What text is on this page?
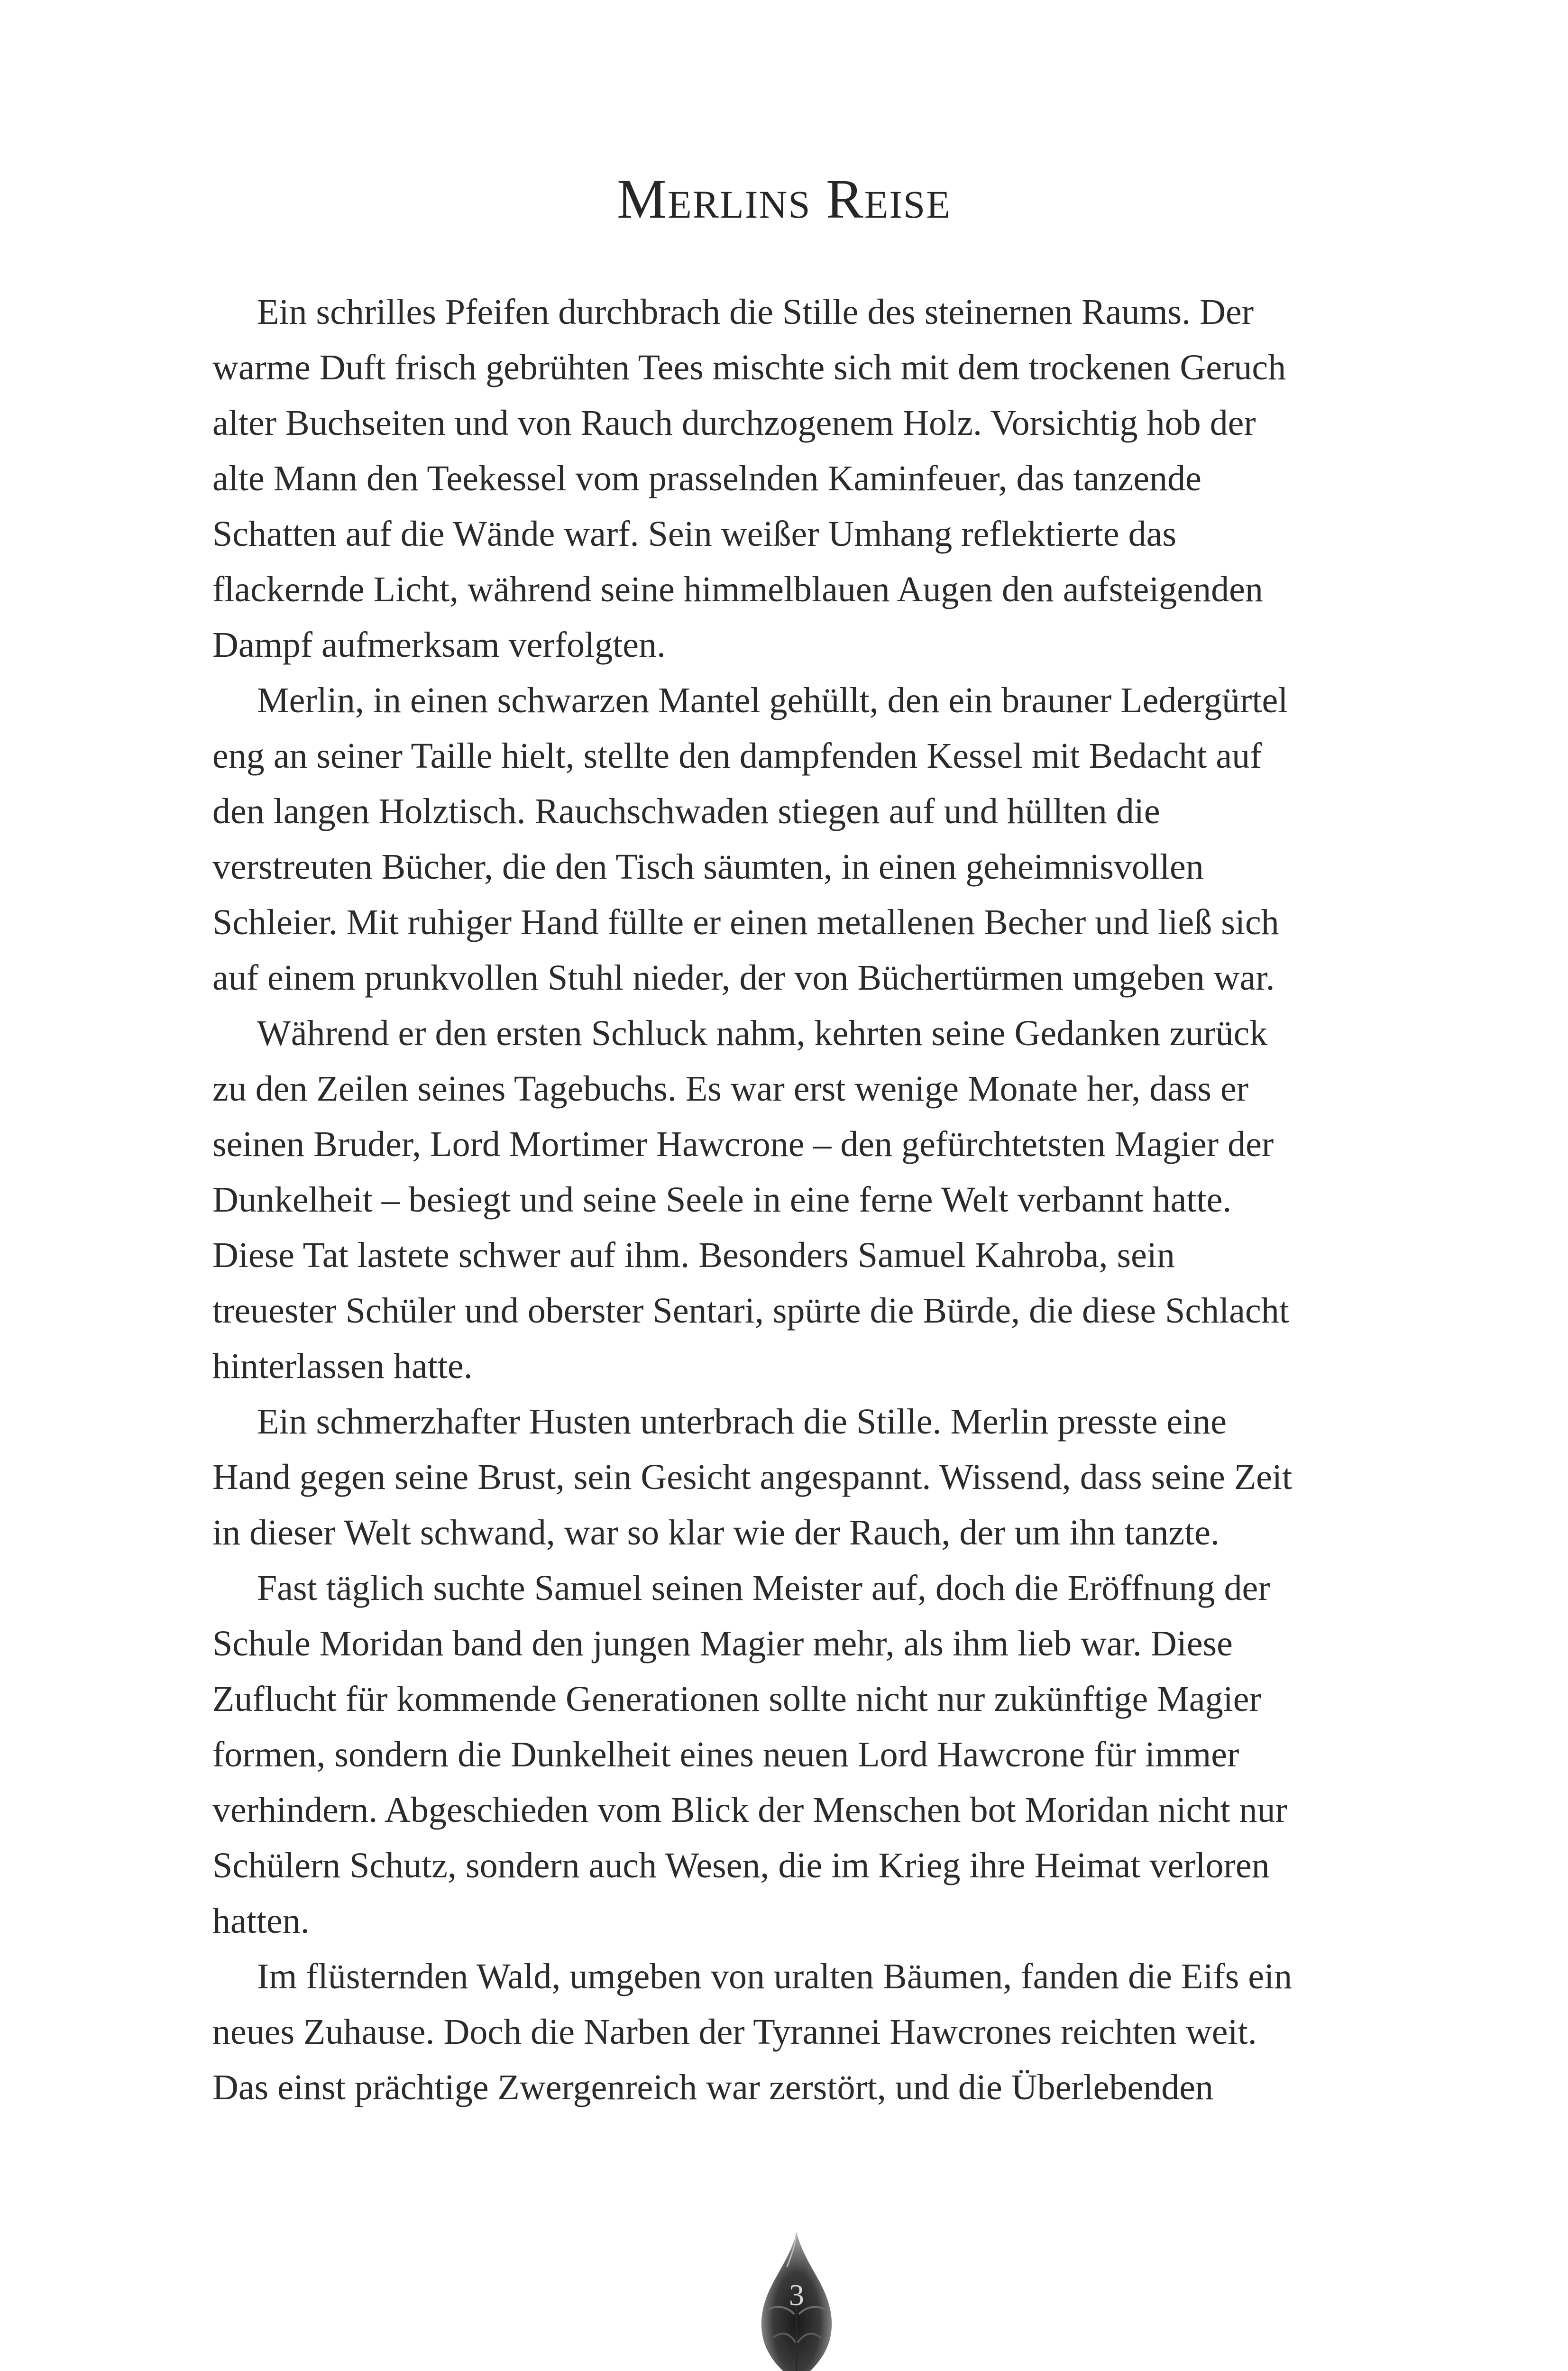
Merlins Reise

Ein schrilles Pfeifen durchbrach die Stille des steinernen Raums. Der
warme Duft frisch gebrühten Tees mischte sich mit dem trockenen Geruch
alter Buchseiten und von Rauch durchzogenem Holz. Vorsichtig hob der
alte Mann den Teekessel vom prasselnden Kaminfeuer, das tanzende
Schatten auf die Wände warf. Sein weißer Umhang reflektierte das
flackernde Licht, während seine himmelblauen Augen den aufsteigenden
Dampf aufmerksam verfolgten.

Merlin, in einen schwarzen Mantel gehüllt, den ein brauner Ledergürtel
eng an seiner Taille hielt, stellte den dampfenden Kessel mit Bedacht auf
den langen Holztisch. Rauchschwaden stiegen auf und hüllten die
verstreuten Bücher, die den Tisch säumten, in einen geheimnisvollen
Schleier. Mit ruhiger Hand füllte er einen metallenen Becher und ließ sich
auf einem prunkvollen Stuhl nieder, der von Büchertürmen umgeben war.

Während er den ersten Schluck nahm, kehrten seine Gedanken zurück
zu den Zeilen seines Tagebuchs. Es war erst wenige Monate her, dass er
seinen Bruder, Lord Mortimer Hawcrone – den gefürchtetsten Magier der
Dunkelheit – besiegt und seine Seele in eine ferne Welt verbannt hatte.
Diese Tat lastete schwer auf ihm. Besonders Samuel Kahroba, sein
treuester Schüler und oberster Sentari, spürte die Bürde, die diese Schlacht
hinterlassen hatte.

Ein schmerzhafter Husten unterbrach die Stille. Merlin presste eine
Hand gegen seine Brust, sein Gesicht angespannt. Wissend, dass seine Zeit
in dieser Welt schwand, war so klar wie der Rauch, der um ihn tanzte.

Fast täglich suchte Samuel seinen Meister auf, doch die Eröffnung der
Schule Moridan band den jungen Magier mehr, als ihm lieb war. Diese
Zuflucht für kommende Generationen sollte nicht nur zukünftige Magier
formen, sondern die Dunkelheit eines neuen Lord Hawcrone für immer
verhindern. Abgeschieden vom Blick der Menschen bot Moridan nicht nur
Schülern Schutz, sondern auch Wesen, die im Krieg ihre Heimat verloren
hatten.

Im flüsternden Wald, umgeben von uralten Bäumen, fanden die Eifs ein
neues Zuhause. Doch die Narben der Tyrannei Hawcrones reichten weit.
Das einst prächtige Zwergenreich war zerstört, und die Überlebenden

3
